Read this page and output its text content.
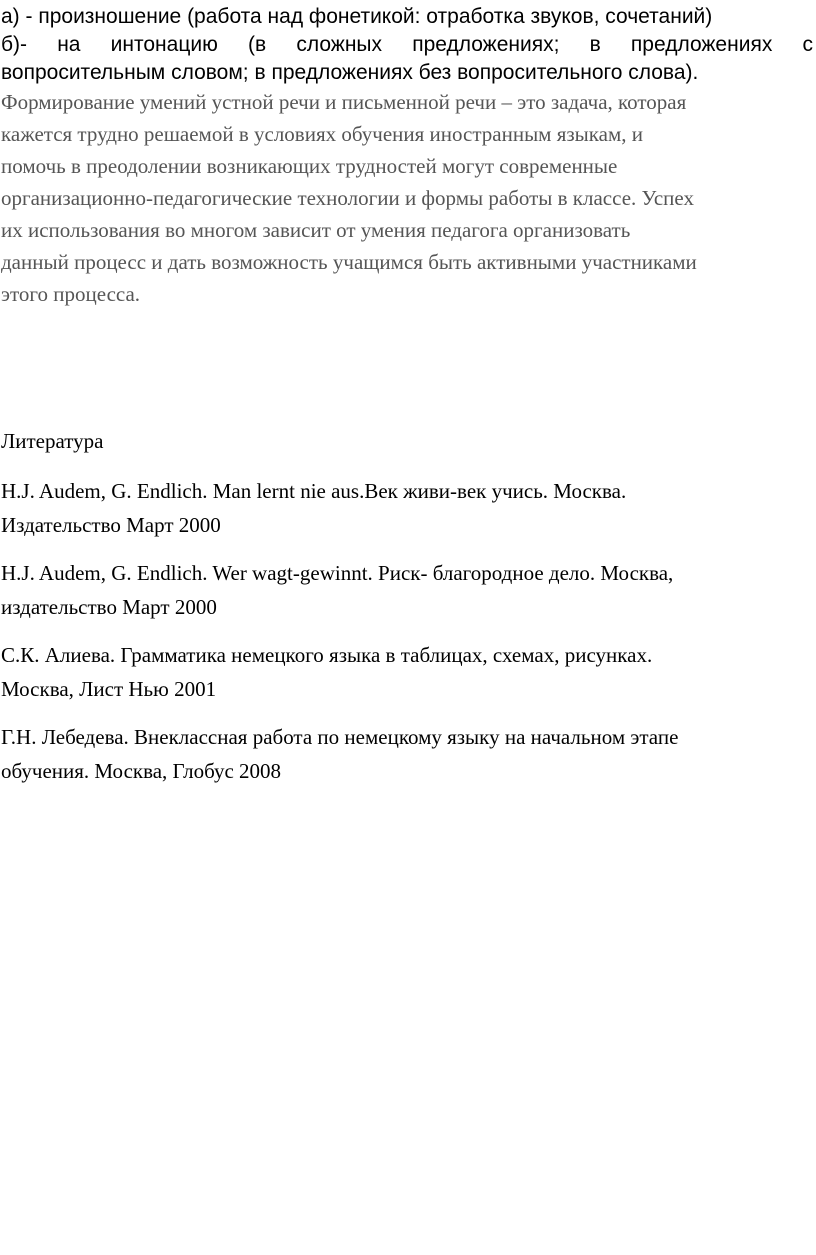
а) - произношение (работа над фонетикой: отработка звуков, сочетаний)

б)- на интонацию (в сложных предложениях; в предложениях с

вопросительным словом; в предложениях без вопросительного слова).

Формирование умений устной речи и письменной речи – это задача, которая
кажется трудно решаемой в условиях обучения иностранным языкам, и
помочь в преодолении возникающих трудностей могут современные
организационно-педагогические технологии и формы работы в классе. Успех
их использования во многом зависит от умения педагога организовать
данный процесс и дать возможность учащимся быть активными участниками
этого процесса.
Литература
H.J. Audem, G. Endlich. Man lernt nie aus.Век живи-век учись. Москва.
Издательство Март 2000
H.J. Audem, G. Endlich. Wer wagt-gewinnt. Риск- благородное дело. Москва,
издательство Март 2000
С.К. Алиева. Грамматика немецкого языка в таблицах, схемах, рисунках.
Москва, Лист Нью 2001
Г.Н. Лебедева. Внеклассная работа по немецкому языку на начальном этапе
обучения. Москва, Глобус 2008
